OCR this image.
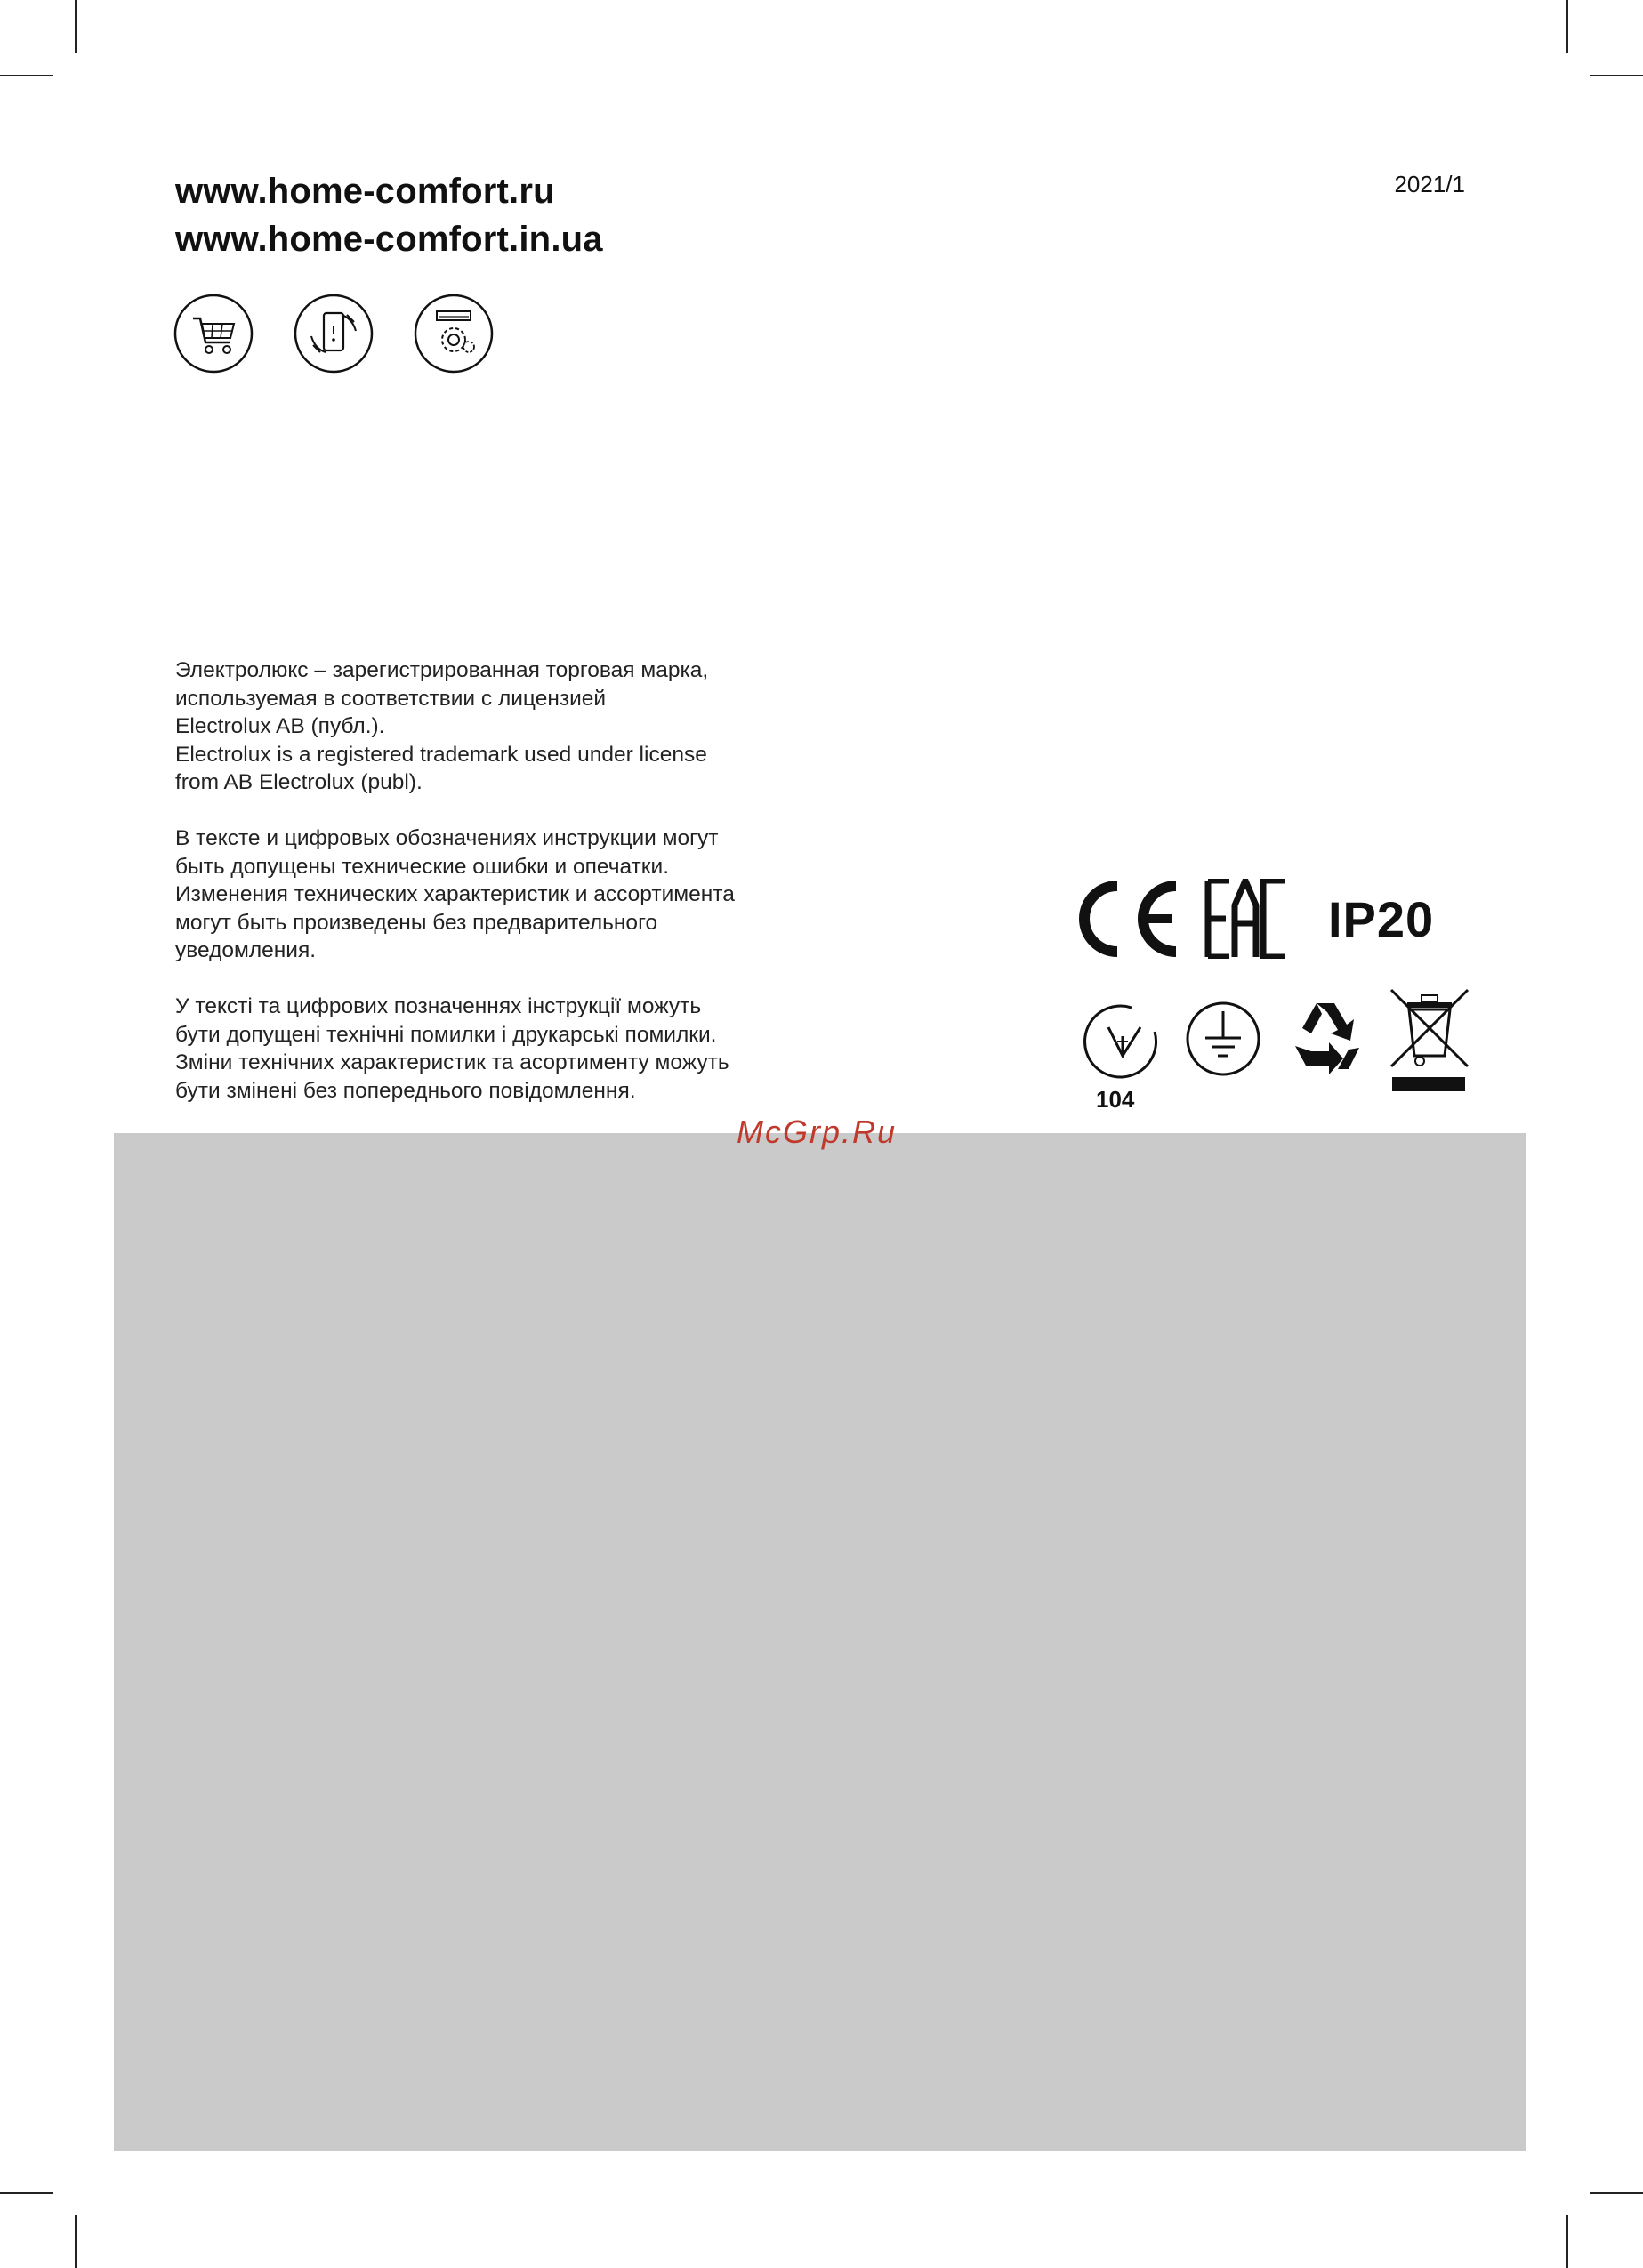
www.home-comfort.ru
www.home-comfort.in.ua
2021/1
Электролюкс – зарегистрированная торговая марка,
используемая в соответствии с лицензией
Electrolux AB (публ.).
Electrolux is a registered trademark used under license
from AB Electrolux (publ).
В тексте и цифровых обозначениях инструкции могут
быть допущены технические ошибки и опечатки.
Изменения технических характеристик и ассортимента
могут быть произведены без предварительного
уведомления.
У тексті та цифрових позначеннях інструкції можуть
бути допущені технічні помилки і друкарські помилки.
Зміни технічних характеристик та асортименту можуть
бути змінені без попереднього повідомлення.
IP20
104
McGrp.Ru
